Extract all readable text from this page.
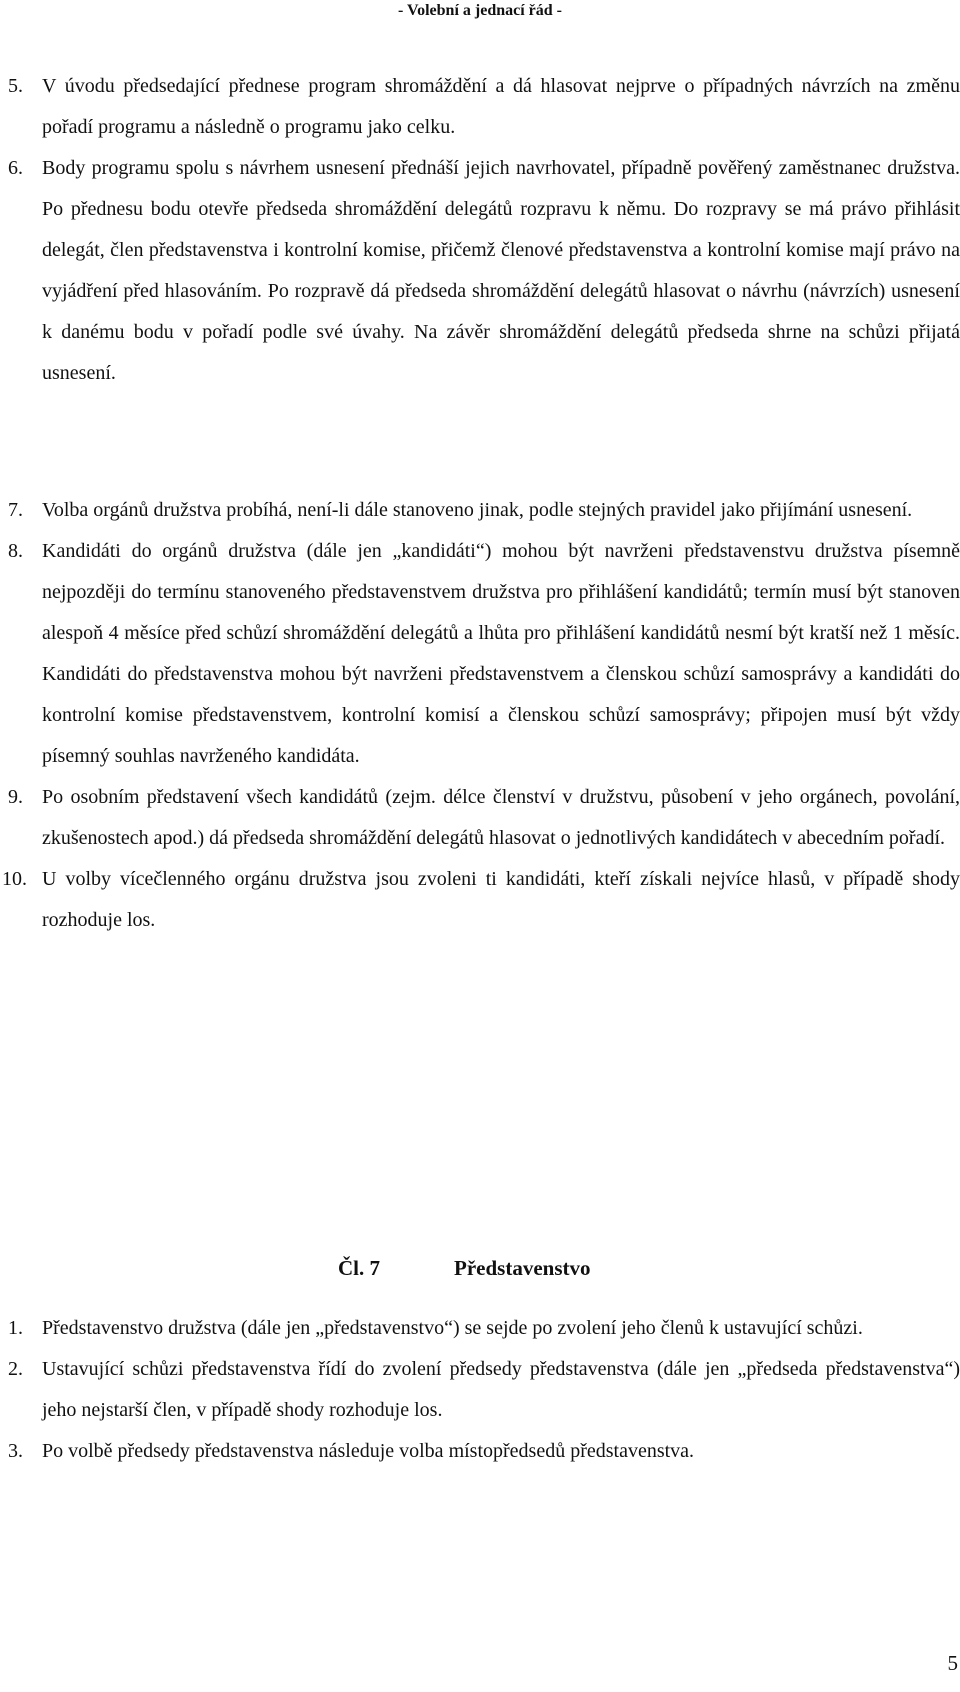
- Volební a jednací řád -
5. V úvodu předsedající přednese program shromáždění a dá hlasovat nejprve o případných návrzích na změnu pořadí programu a následně o programu jako celku.
6. Body programu spolu s návrhem usnesení přednáší jejich navrhovatel, případně pověřený zaměstnanec družstva. Po přednesu bodu otevře předseda shromáždění delegátů rozpravu k němu. Do rozpravy se má právo přihlásit delegát, člen představenstva i kontrolní komise, přičemž členové představenstva a kontrolní komise mají právo na vyjádření před hlasováním. Po rozpravě dá předseda shromáždění delegátů hlasovat o návrhu (návrzích) usnesení k danému bodu v pořadí podle své úvahy. Na závěr shromáždění delegátů předseda shrne na schůzi přijatá usnesení.
7. Volba orgánů družstva probíhá, není-li dále stanoveno jinak, podle stejných pravidel jako přijímání usnesení.
8. Kandidáti do orgánů družstva (dále jen „kandidáti“) mohou být navrženi představenstvu družstva písemně nejpozději do termínu stanoveného představenstvem družstva pro přihlášení kandidátů; termín musí být stanoven alespoň 4 měsíce před schůzí shromáždění delegátů a lhůta pro přihlášení kandidátů nesmí být kratší než 1 měsíc. Kandidáti do představenstva mohou být navrženi představenstvem a členskou schůzí samosprávy a kandidáti do kontrolní komise představenstvem, kontrolní komisí a členskou schůzí samosprávy; připojen musí být vždy písemný souhlas navrženého kandidáta.
9. Po osobním představení všech kandidátů (zejm. délce členství v družstvu, působení v jeho orgánech, povolání, zkušenostech apod.) dá předseda shromáždění delegátů hlasovat o jednotlivých kandidátech v abecedním pořadí.
10. U volby vícečlenného orgánu družstva jsou zvoleni ti kandidáti, kteří získali nejvíce hlasů, v případě shody rozhoduje los.
Čl. 7	Představenstvo
1. Představenstvo družstva (dále jen „představenstvo“) se sejde po zvolení jeho členů k ustavující schůzi.
2. Ustavující schůzi představenstva řídí do zvolení předsedy představenstva (dále jen „předseda představenstva“) jeho nejstarší člen, v případě shody rozhoduje los.
3. Po volbě předsedy představenstva následuje volba místopředsedů představenstva.
5
